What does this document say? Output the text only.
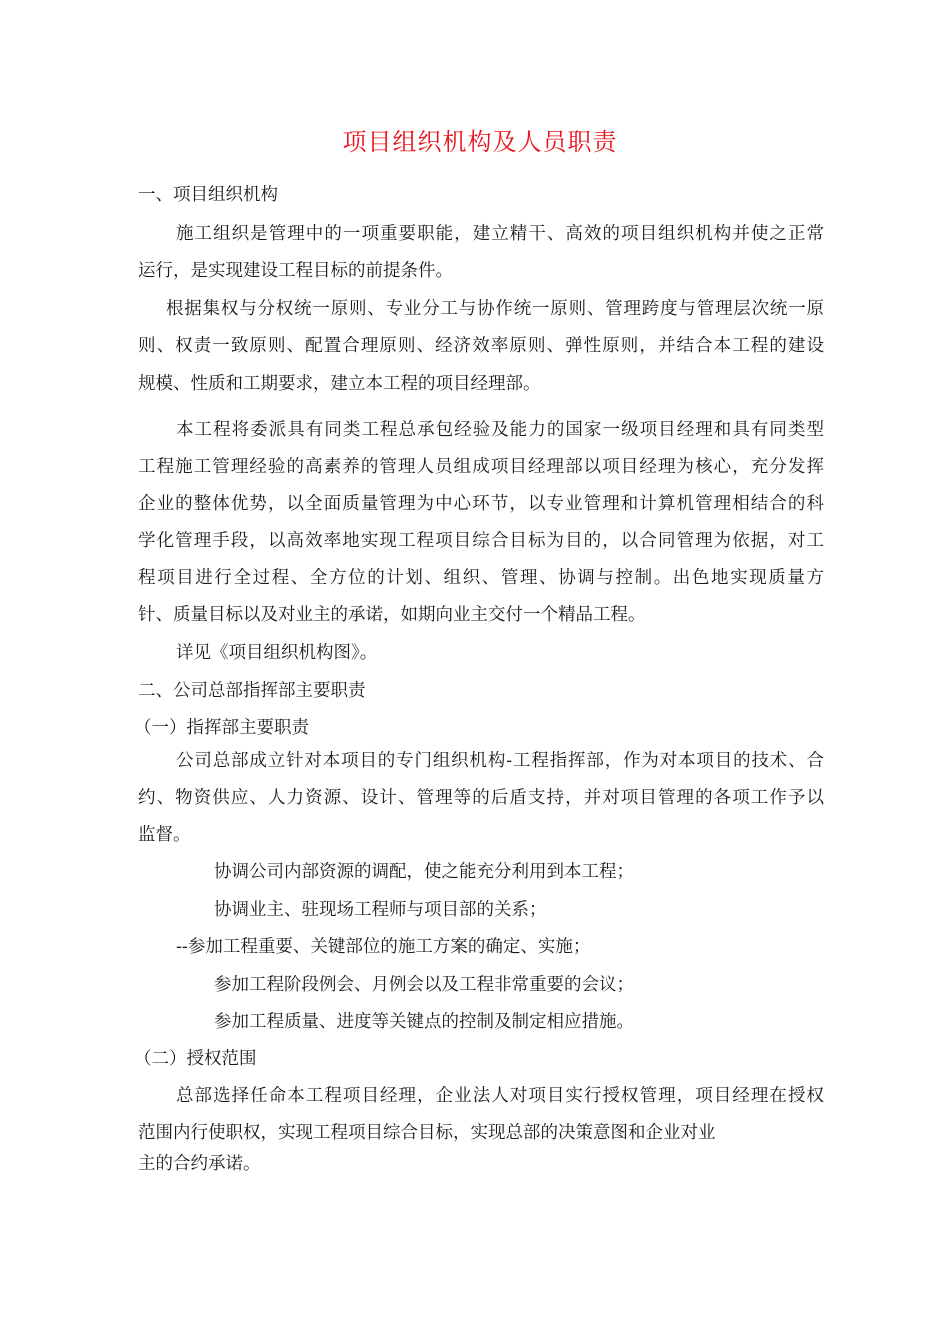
项目组织机构及人员职责
一、项目组织机构
施工组织是管理中的一项重要职能，建立精干、高效的项目组织机构并使之正常
运行，是实现建设工程目标的前提条件。
根据集权与分权统一原则、专业分工与协作统一原则、管理跨度与管理层次统一原
则、权责一致原则、配置合理原则、经济效率原则、弹性原则，并结合本工程的建设
规模、性质和工期要求，建立本工程的项目经理部。
本工程将委派具有同类工程总承包经验及能力的国家一级项目经理和具有同类型
工程施工管理经验的高素养的管理人员组成项目经理部以项目经理为核心，充分发挥
企业的整体优势，以全面质量管理为中心环节，以专业管理和计算机管理相结合的科
学化管理手段，以高效率地实现工程项目综合目标为目的，以合同管理为依据，对工
程项目进行全过程、全方位的计划、组织、管理、协调与控制。出色地实现质量方
针、质量目标以及对业主的承诺，如期向业主交付一个精品工程。
详见《项目组织机构图》。
二、公司总部指挥部主要职责
（一）指挥部主要职责
公司总部成立针对本项目的专门组织机构-工程指挥部，作为对本项目的技术、合
约、物资供应、人力资源、设计、管理等的后盾支持，并对项目管理的各项工作予以
监督。
协调公司内部资源的调配，使之能充分利用到本工程；
协调业主、驻现场工程师与项目部的关系；
--参加工程重要、关键部位的施工方案的确定、实施；
参加工程阶段例会、月例会以及工程非常重要的会议；
参加工程质量、进度等关键点的控制及制定相应措施。
（二）授权范围
总部选择任命本工程项目经理，企业法人对项目实行授权管理，项目经理在授权
范围内行使职权，实现工程项目综合目标，实现总部的决策意图和企业对业
主的合约承诺。
